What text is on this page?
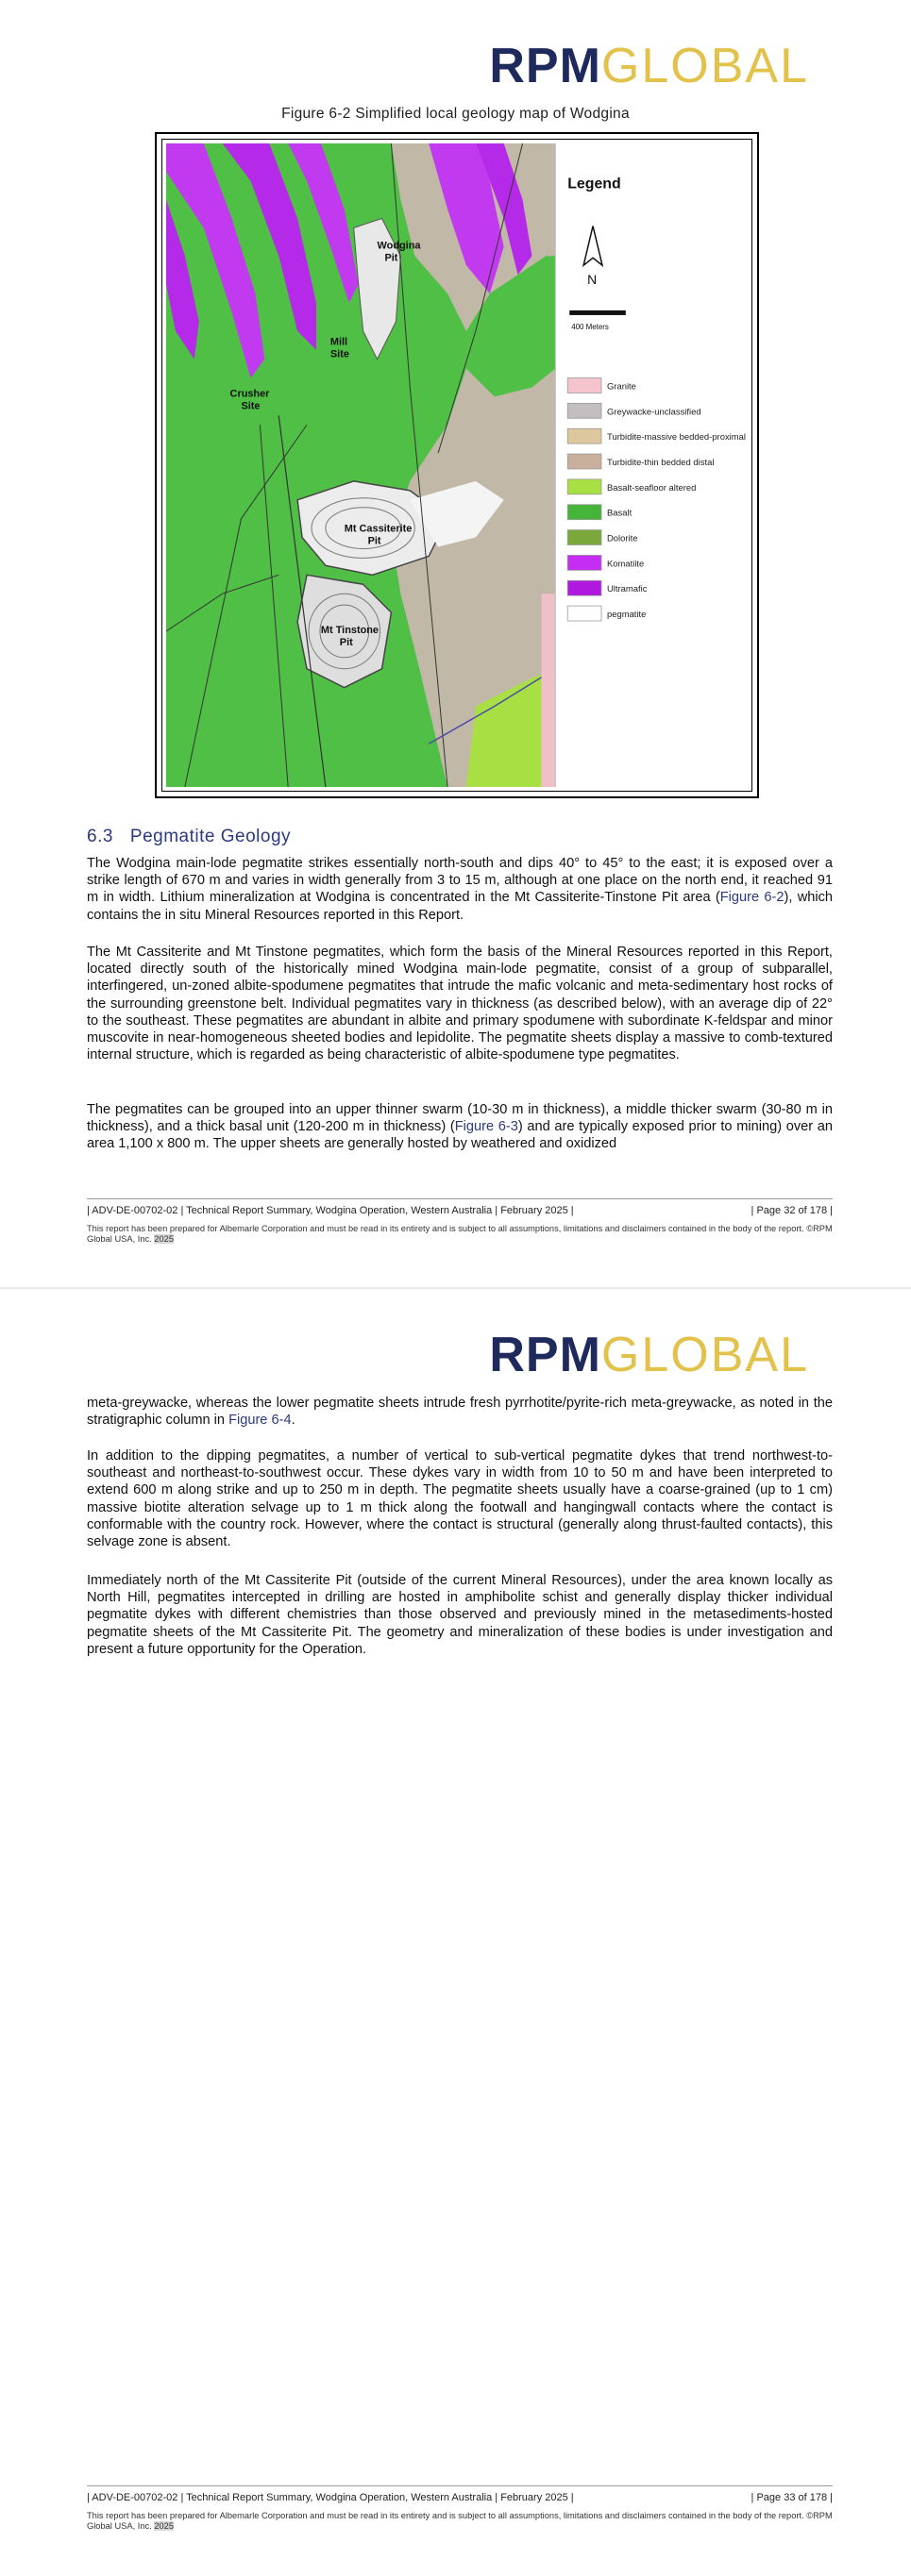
RPMGLOBAL
Figure 6-2 Simplified local geology map of Wodgina
Legend
N
400 Meters
Granite
Greywacke-unclassified
Turbidite-massive bedded-proximal
Turbidite-thin bedded distal
Basalt-seafloor altered
Basalt
Dolorite
Komatiite
Ultramafic
pegmatite
Wodgina
Pit
Mill
Site
Crusher
Site
Mt Cassiterite
Pit
Mt Tinstone
Pit
6.3 Pegmatite Geology
The Wodgina main-lode pegmatite strikes essentially north-south and dips 40° to 45° to the east; it is exposed over a strike length of 670 m and varies in width generally from 3 to 15 m, although at one place on the north end, it reached 91 m in width. Lithium mineralization at Wodgina is concentrated in the Mt Cassiterite-Tinstone Pit area (Figure 6-2), which contains the in situ Mineral Resources reported in this Report.
The Mt Cassiterite and Mt Tinstone pegmatites, which form the basis of the Mineral Resources reported in this Report, located directly south of the historically mined Wodgina main-lode pegmatite, consist of a group of subparallel, interfingered, un-zoned albite-spodumene pegmatites that intrude the mafic volcanic and meta-sedimentary host rocks of the surrounding greenstone belt. Individual pegmatites vary in thickness (as described below), with an average dip of 22° to the southeast. These pegmatites are abundant in albite and primary spodumene with subordinate K-feldspar and minor muscovite in near-homogeneous sheeted bodies and lepidolite. The pegmatite sheets display a massive to comb-textured internal structure, which is regarded as being characteristic of albite-spodumene type pegmatites.
The pegmatites can be grouped into an upper thinner swarm (10-30 m in thickness), a middle thicker swarm (30-80 m in thickness), and a thick basal unit (120-200 m in thickness) (Figure 6-3) and are typically exposed prior to mining) over an area 1,100 x 800 m. The upper sheets are generally hosted by weathered and oxidized
| ADV-DE-00702-02 | Technical Report Summary, Wodgina Operation, Western Australia | February 2025 |	| Page 32 of 178 |
This report has been prepared for Albemarle Corporation and must be read in its entirety and is subject to all assumptions, limitations and disclaimers contained in the body of the report. ©RPM Global USA, Inc. 2025
RPMGLOBAL
meta-greywacke, whereas the lower pegmatite sheets intrude fresh pyrrhotite/pyrite-rich meta-greywacke, as noted in the stratigraphic column in Figure 6-4.
In addition to the dipping pegmatites, a number of vertical to sub-vertical pegmatite dykes that trend northwest-to-southeast and northeast-to-southwest occur. These dykes vary in width from 10 to 50 m and have been interpreted to extend 600 m along strike and up to 250 m in depth. The pegmatite sheets usually have a coarse-grained (up to 1 cm) massive biotite alteration selvage up to 1 m thick along the footwall and hangingwall contacts where the contact is conformable with the country rock. However, where the contact is structural (generally along thrust-faulted contacts), this selvage zone is absent.
Immediately north of the Mt Cassiterite Pit (outside of the current Mineral Resources), under the area known locally as North Hill, pegmatites intercepted in drilling are hosted in amphibolite schist and generally display thicker individual pegmatite dykes with different chemistries than those observed and previously mined in the metasediments-hosted pegmatite sheets of the Mt Cassiterite Pit. The geometry and mineralization of these bodies is under investigation and present a future opportunity for the Operation.
| ADV-DE-00702-02 | Technical Report Summary, Wodgina Operation, Western Australia | February 2025 |	| Page 33 of 178 |
This report has been prepared for Albemarle Corporation and must be read in its entirety and is subject to all assumptions, limitations and disclaimers contained in the body of the report. ©RPM Global USA, Inc. 2025
